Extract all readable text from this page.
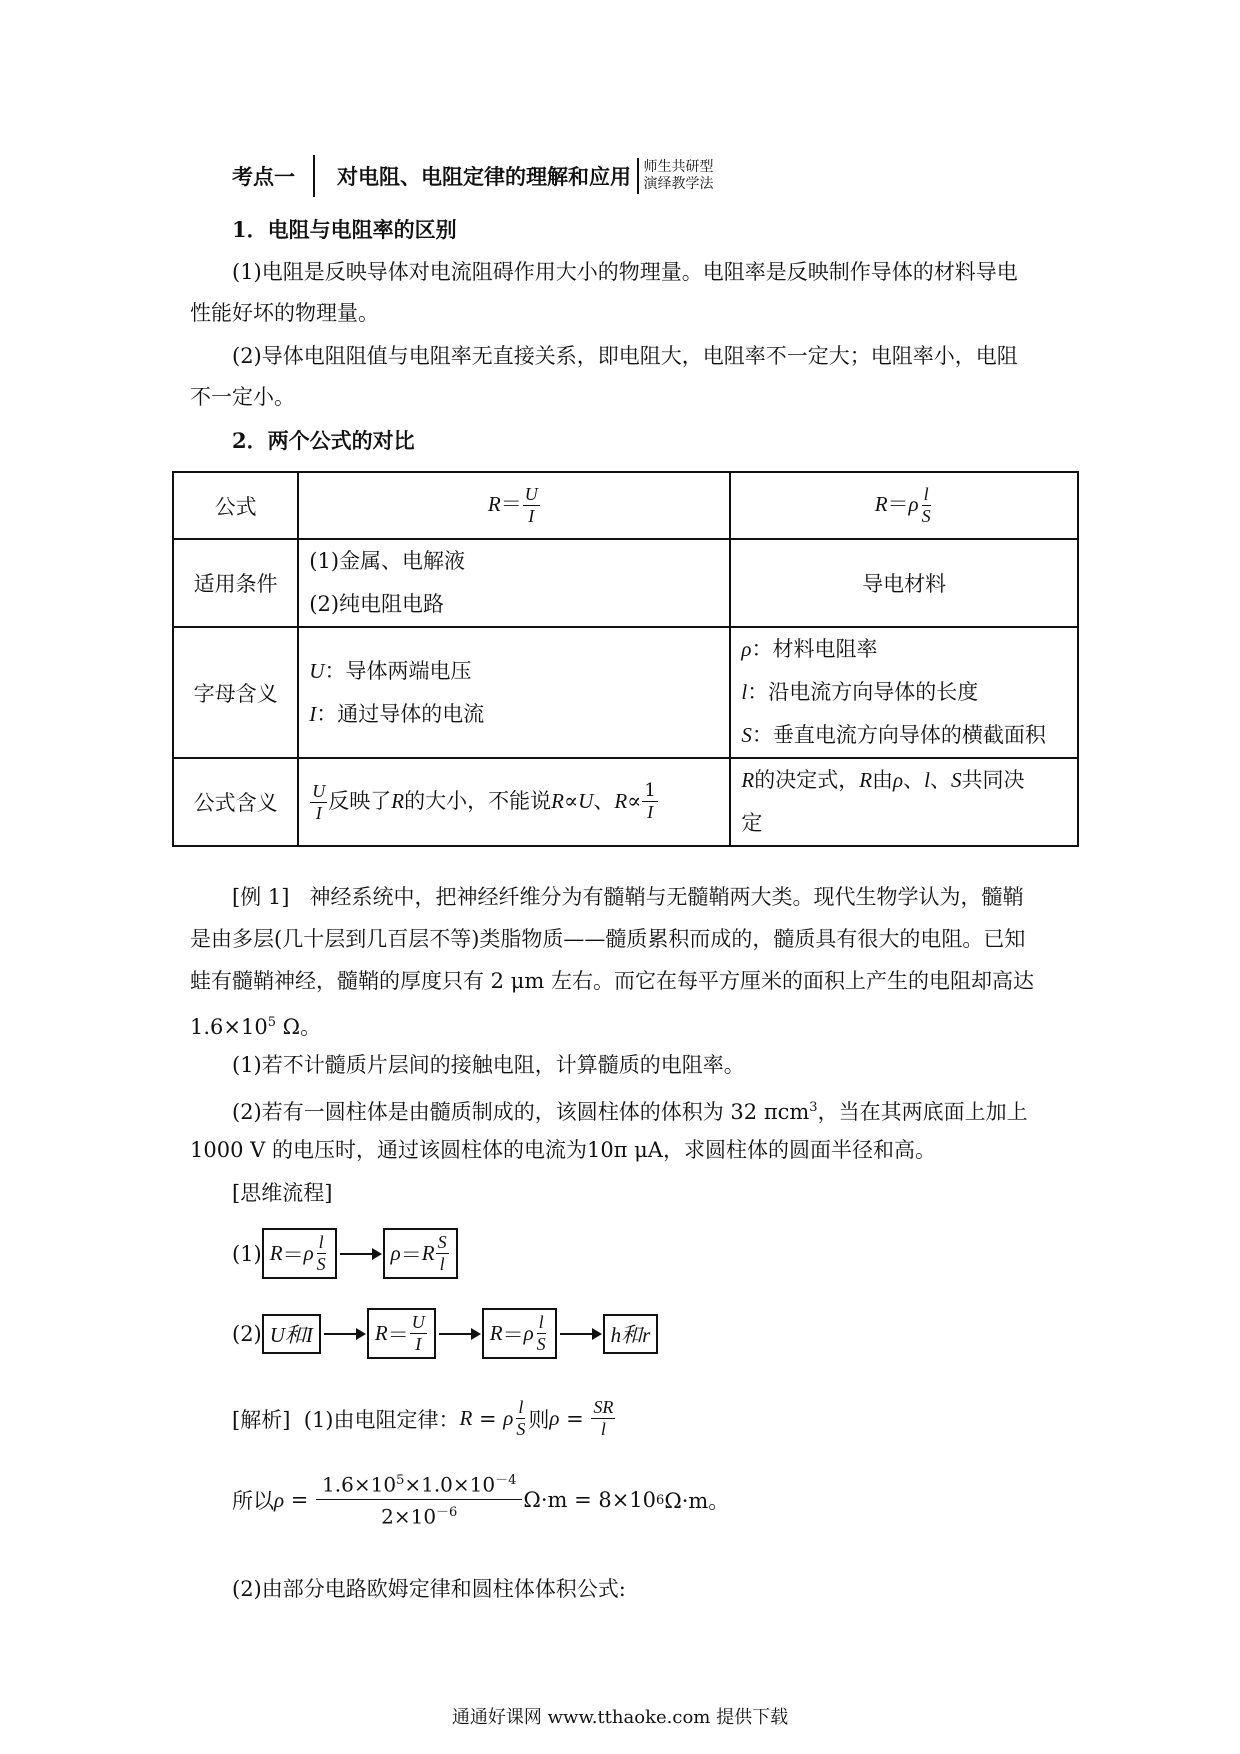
考点一 对电阻、电阻定律的理解和应用 师生共研型
演绎教学法
1．电阻与电阻率的区别
(1)电阻是反映导体对电流阻碍作用大小的物理量。电阻率是反映制作导体的材料导电
性能好坏的物理量。
(2)导体电阻阻值与电阻率无直接关系，即电阻大，电阻率不一定大；电阻率小，电阻
不一定小。
2．两个公式的对比
公式	$R= \frac{U}{I}$	$R=\rho \frac{l}{S}$

适用条件	(1)金属、电解液
(2)纯电阻电路	导电材料
字母含义	U：导体两端电压
I：通过导体的电流	ρ：材料电阻率
l：沿电流方向导体的长度
S：垂直电流方向导体的横截面积

公式含义	$\frac{U}{I}$ 反映了R的大小，不能说R∝U、$R\propto \frac{1}{I}$	R的决定式，R由ρ、l、S共同决
定
[例 1] 神经系统中，把神经纤维分为有髓鞘与无髓鞘两大类。现代生物学认为，髓鞘
是由多层(几十层到几百层不等)类脂物质——髓质累积而成的，髓质具有很大的电阻。已知
蛙有髓鞘神经，髓鞘的厚度只有 2 μm 左右。而它在每平方厘米的面积上产生的电阻却高达
$1.6\times 10^5$ Ω。
(1)若不计髓质片层间的接触电阻，计算髓质的电阻率。
(2)若有一圆柱体是由髓质制成的，该圆柱体的体积为 32 πcm$^3$，当在其两底面上加上
1000 V 的电压时，通过该圆柱体的电流为10π μA，求圆柱体的圆面半径和高。
[思维流程]
(1) R ＝ ρ $\frac{l}{S}$	ρ ＝ R $\frac{S}{l}$
(2) U和I	$R = \frac{U}{I}$	R ＝ ρ $\frac{l}{S}$	h和r
[解析]
(1)由电阻定律： R = ρ $\frac{l}{S}$ 则 $\rho = \frac{SR}{l}$
所以 $\rho = \frac{1.6\times 10^5\times 1.0\times 10^{-4}}{2\times 10^{-6}} \Omega\cdot m = 8\times 10$ 6 Ω·m。
(2)由部分电路欧姆定律和圆柱体体积公式:
通通好课网 www.tthaoke.com 提供下载
